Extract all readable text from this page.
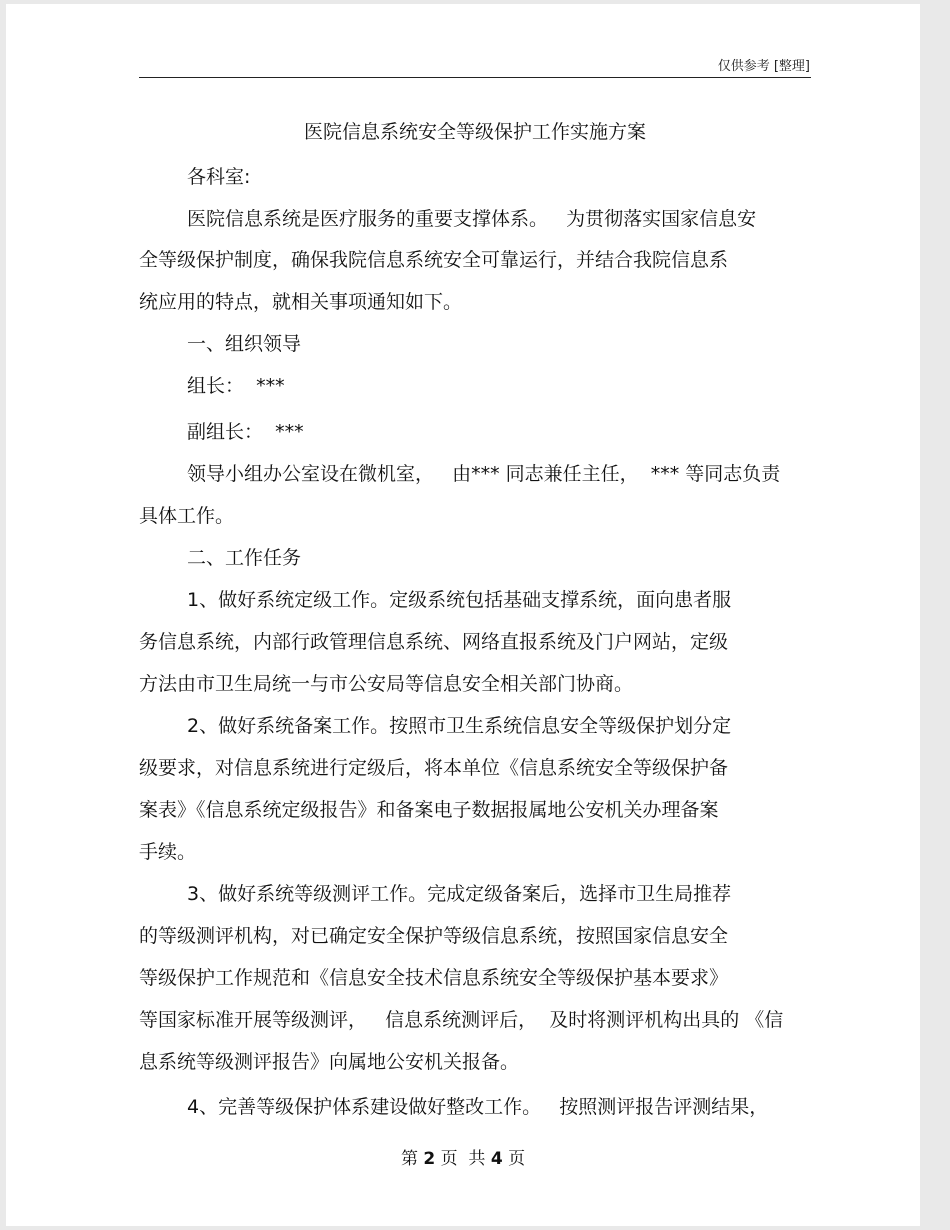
仅供参考 [整理]
医院信息系统安全等级保护工作实施方案
各科室:
医院信息系统是医疗服务的重要支撑体系。   为贯彻落实国家信息安
全等级保护制度，确保我院信息系统安全可靠运行，并结合我院信息系
统应用的特点，就相关事项通知如下。
一、组织领导
组长：  ***
副组长：  ***
领导小组办公室设在微机室，   由*** 同志兼任主任，  *** 等同志负责
具体工作。
二、工作任务
1、做好系统定级工作。定级系统包括基础支撑系统，面向患者服
务信息系统，内部行政管理信息系统、网络直报系统及门户网站，定级
方法由市卫生局统一与市公安局等信息安全相关部门协商。
2、做好系统备案工作。按照市卫生系统信息安全等级保护划分定
级要求，对信息系统进行定级后，将本单位《信息系统安全等级保护备
案表》《信息系统定级报告》和备案电子数据报属地公安机关办理备案
手续。
3、做好系统等级测评工作。完成定级备案后，选择市卫生局推荐
的等级测评机构，对已确定安全保护等级信息系统，按照国家信息安全
等级保护工作规范和《信息安全技术信息系统安全等级保护基本要求》
等国家标准开展等级测评，   信息系统测评后，  及时将测评机构出具的 《信
息系统等级测评报告》向属地公安机关报备。
4、完善等级保护体系建设做好整改工作。   按照测评报告评测结果，
第 2 页  共 4 页
